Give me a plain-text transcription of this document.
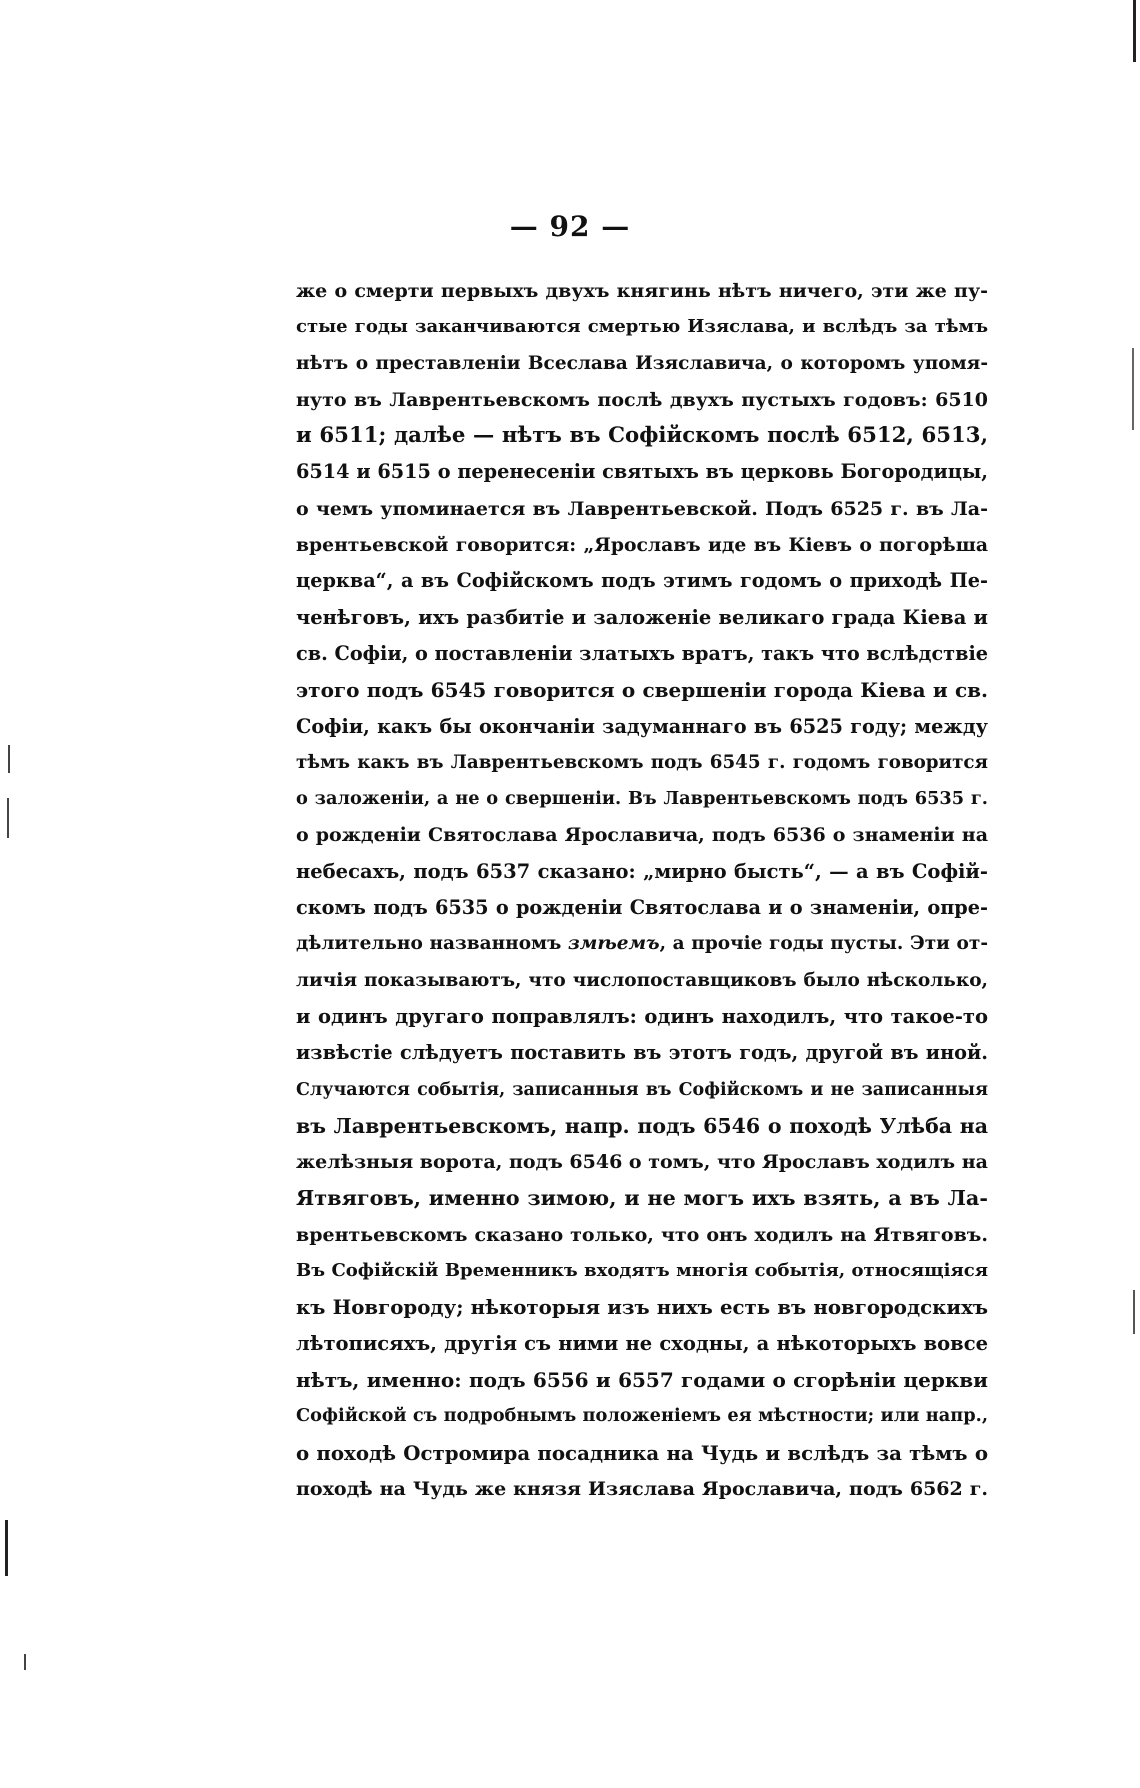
— 92 —
же о смерти первыхъ двухъ княгинь нѣтъ ничего, эти же пу-
стые годы заканчиваются смертью Изяслава, и вслѣдъ за тѣмъ
нѣтъ о преставленіи Всеслава Изяславича, о которомъ упомя-
нуто въ Лаврентьевскомъ послѣ двухъ пустыхъ годовъ: 6510
и 6511; далѣе — нѣтъ въ Софійскомъ послѣ 6512, 6513,
6514 и 6515 о перенесеніи святыхъ въ церковь Богородицы,
о чемъ упоминается въ Лаврентьевской. Подъ 6525 г. въ Ла-
врентьевской говорится: „Ярославъ иде въ Кіевъ о погорѣша
церква“, а въ Софійскомъ подъ этимъ годомъ о приходѣ Пе-
ченѣговъ, ихъ разбитіе и заложеніе великаго града Кіева и
св. Софіи, о поставленіи златыхъ вратъ, такъ что вслѣдствіе
этого подъ 6545 говорится о свершеніи города Кіева и св.
Софіи, какъ бы окончаніи задуманнаго въ 6525 году; между
тѣмъ какъ въ Лаврентьевскомъ подъ 6545 г. годомъ говорится
о заложеніи, а не о свершеніи. Въ Лаврентьевскомъ подъ 6535 г.
о рожденіи Святослава Ярославича, подъ 6536 о знаменіи на
небесахъ, подъ 6537 сказано: „мирно бысть“, — а въ Софій-
скомъ подъ 6535 о рожденіи Святослава и о знаменіи, опре-
дѣлительно названномъ змѣемъ, а прочіе годы пусты. Эти от-
личія показываютъ, что числопоставщиковъ было нѣсколько,
и одинъ другаго поправлялъ: одинъ находилъ, что такое-то
извѣстіе слѣдуетъ поставить въ этотъ годъ, другой въ иной.
Случаются событія, записанныя въ Софійскомъ и не записанныя
въ Лаврентьевскомъ, напр. подъ 6546 о походѣ Улѣба на
желѣзныя ворота, подъ 6546 о томъ, что Ярославъ ходилъ на
Ятвяговъ, именно зимою, и не могъ ихъ взять, а въ Ла-
врентьевскомъ сказано только, что онъ ходилъ на Ятвяговъ.
Въ Софійскій Временникъ входятъ многія событія, относящіяся
къ Новгороду; нѣкоторыя изъ нихъ есть въ новгородскихъ
лѣтописяхъ, другія съ ними не сходны, а нѣкоторыхъ вовсе
нѣтъ, именно: подъ 6556 и 6557 годами о сгорѣніи церкви
Софійской съ подробнымъ положеніемъ ея мѣстности; или напр.,
о походѣ Остромира посадника на Чудь и вслѣдъ за тѣмъ о
походѣ на Чудь же князя Изяслава Ярославича, подъ 6562 г.
